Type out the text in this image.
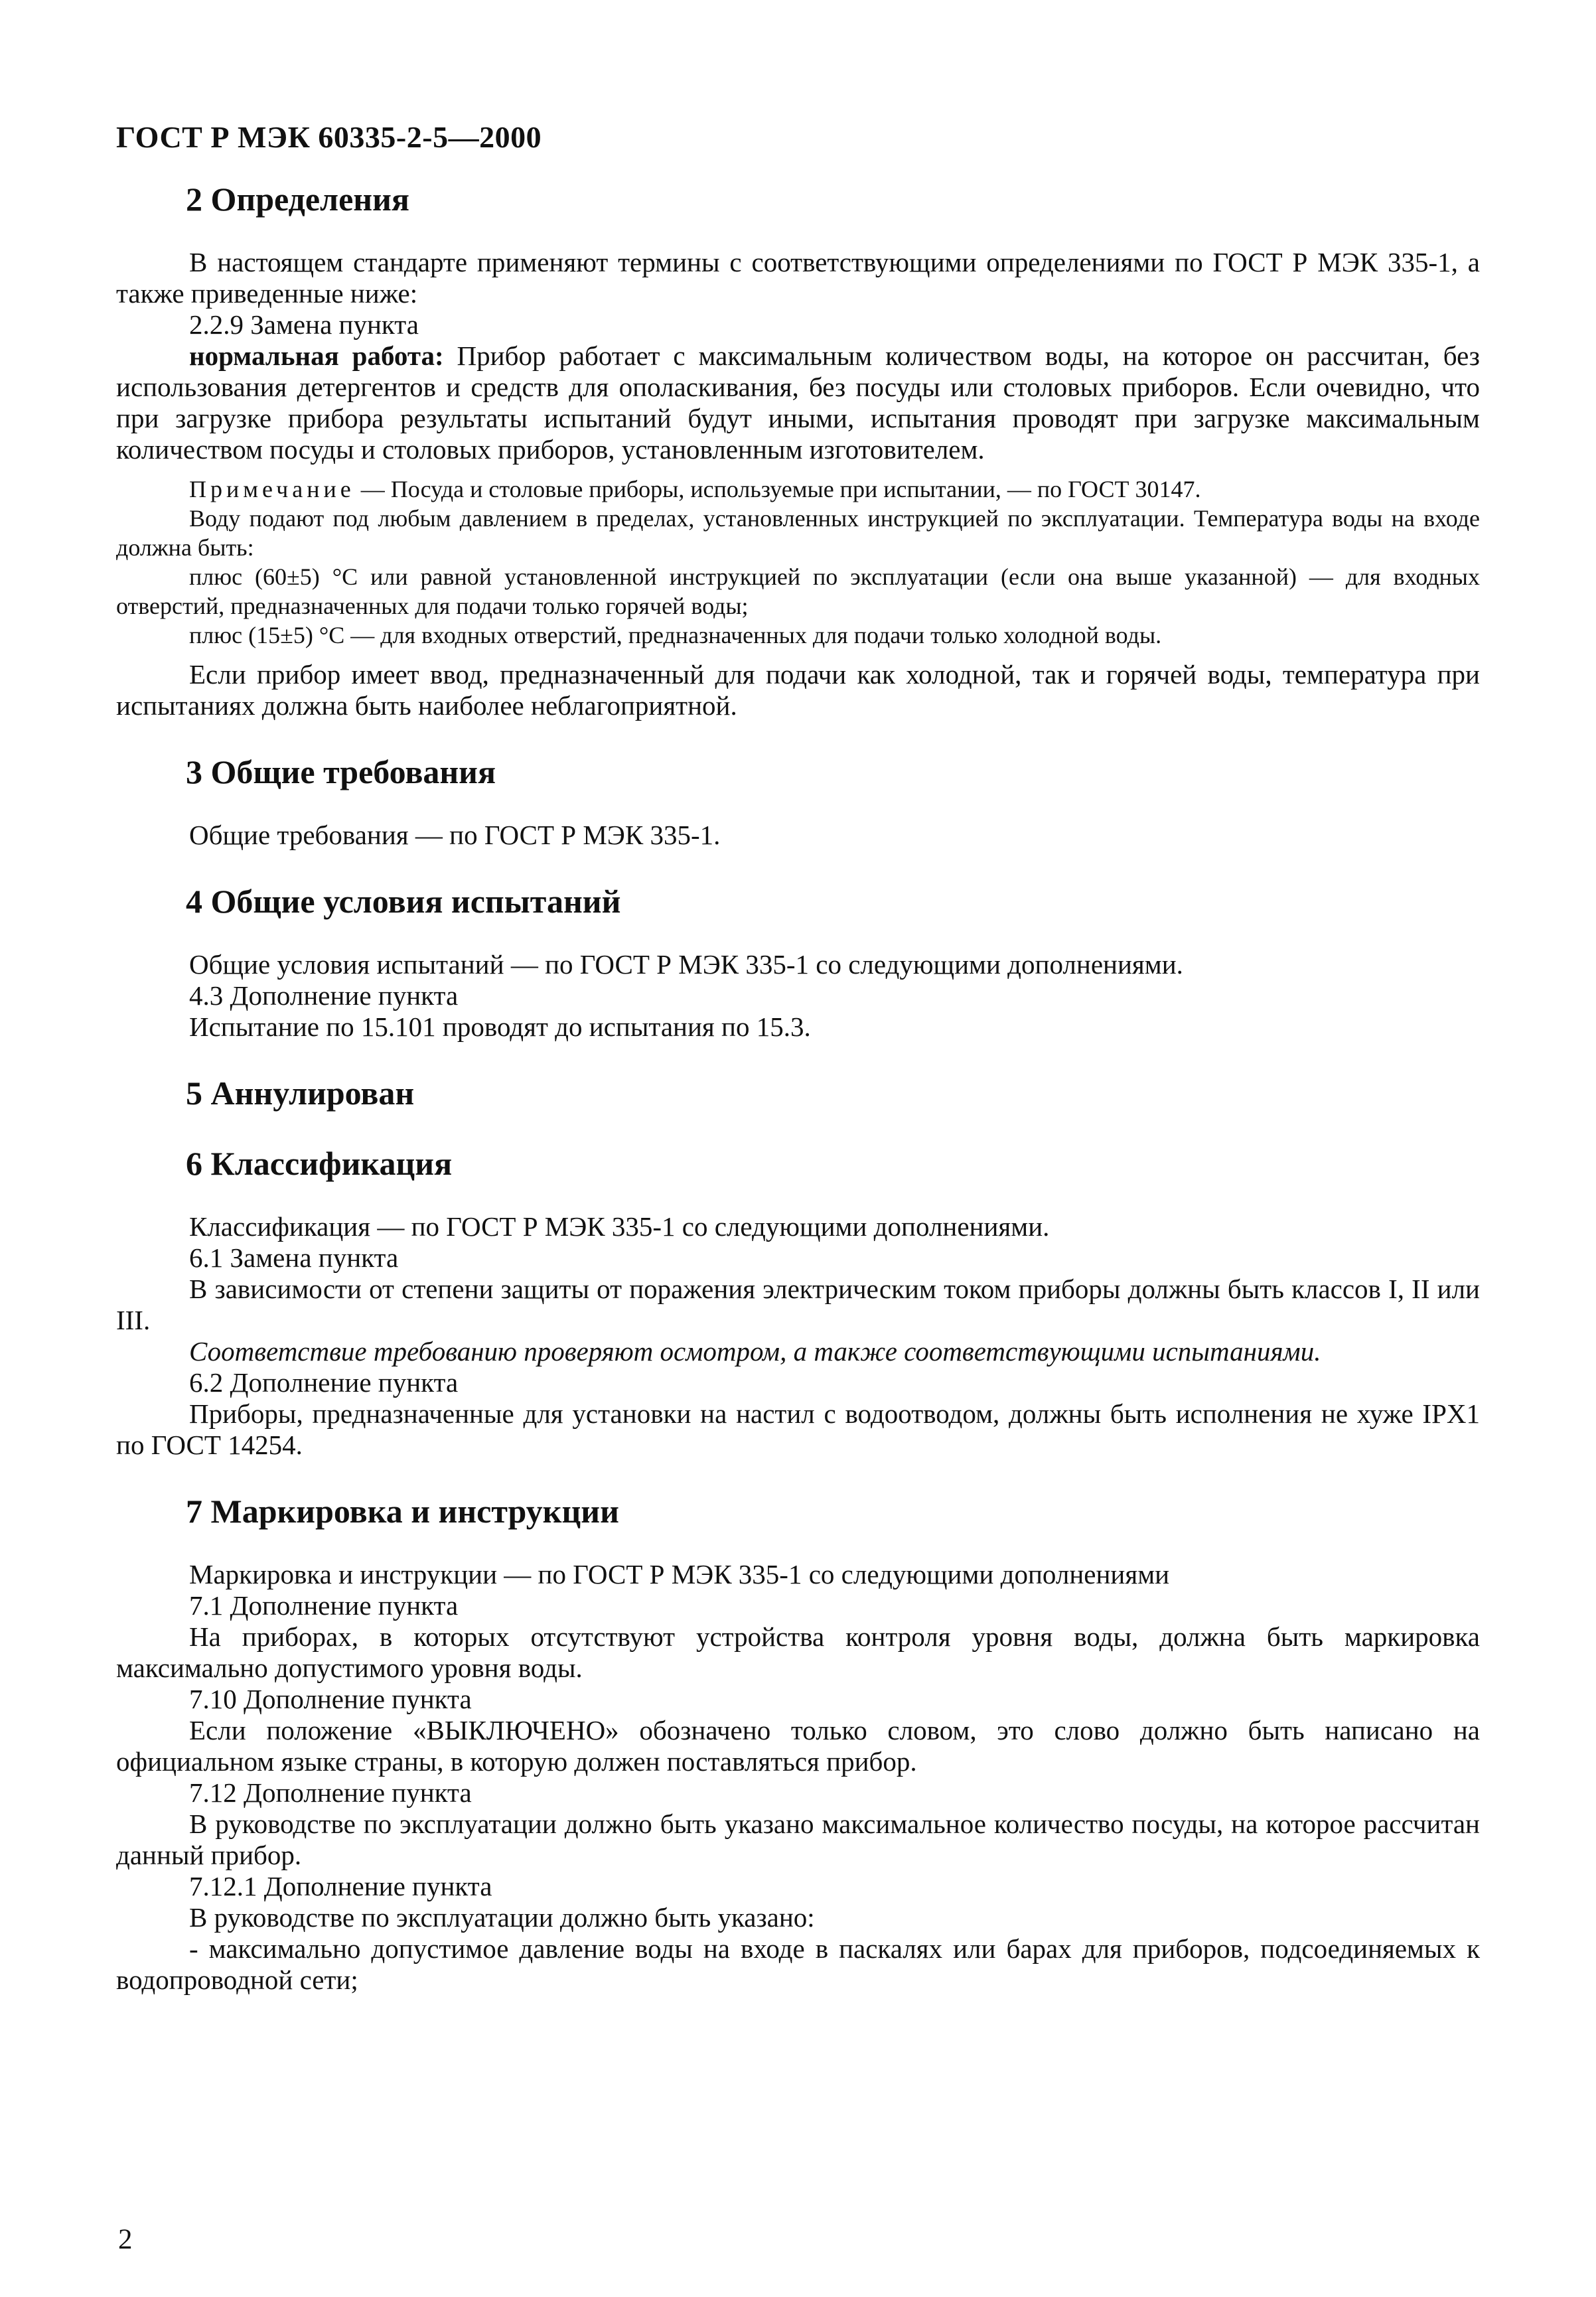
ГОСТ Р МЭК 60335-2-5—2000
2 Определения

В настоящем стандарте применяют термины с соответствующими определениями по ГОСТ Р МЭК 335-1, а также приведенные ниже:

2.2.9 Замена пункта

нормальная работа: Прибор работает с максимальным количеством воды, на которое он рассчитан, без использования детергентов и средств для ополаскивания, без посуды или столовых приборов. Если очевидно, что при загрузке прибора результаты испытаний будут иными, испытания проводят при загрузке максимальным количеством посуды и столовых приборов, установленным изготовителем.

Примечание — Посуда и столовые приборы, используемые при испытании, — по ГОСТ 30147.

Воду подают под любым давлением в пределах, установленных инструкцией по эксплуатации. Температура воды на входе должна быть:

плюс (60±5) °С или равной установленной инструкцией по эксплуатации (если она выше указанной) — для входных отверстий, предназначенных для подачи только горячей воды;

плюс (15±5) °С — для входных отверстий, предназначенных для подачи только холодной воды.

Если прибор имеет ввод, предназначенный для подачи как холодной, так и горячей воды, температура при испытаниях должна быть наиболее неблагоприятной.

3 Общие требования

Общие требования — по ГОСТ Р МЭК 335-1.

4 Общие условия испытаний

Общие условия испытаний — по ГОСТ Р МЭК 335-1 со следующими дополнениями.

4.3 Дополнение пункта

Испытание по 15.101 проводят до испытания по 15.3.

5 Аннулирован
6 Классификация

Классификация — по ГОСТ Р МЭК 335-1 со следующими дополнениями.

6.1 Замена пункта

В зависимости от степени защиты от поражения электрическим током приборы должны быть классов I, II или III.

Соответствие требованию проверяют осмотром, а также соответствующими испытаниями.

6.2 Дополнение пункта

Приборы, предназначенные для установки на настил с водоотводом, должны быть исполнения не хуже IPX1 по ГОСТ 14254.

7 Маркировка и инструкции

Маркировка и инструкции — по ГОСТ Р МЭК 335-1 со следующими дополнениями

7.1 Дополнение пункта

На приборах, в которых отсутствуют устройства контроля уровня воды, должна быть маркировка максимально допустимого уровня воды.

7.10 Дополнение пункта

Если положение «ВЫКЛЮЧЕНО» обозначено только словом, это слово должно быть написано на официальном языке страны, в которую должен поставляться прибор.

7.12 Дополнение пункта

В руководстве по эксплуатации должно быть указано максимальное количество посуды, на которое рассчитан данный прибор.

7.12.1 Дополнение пункта

В руководстве по эксплуатации должно быть указано:

- максимально допустимое давление воды на входе в паскалях или барах для приборов, подсоединяемых к водопроводной сети;

2
